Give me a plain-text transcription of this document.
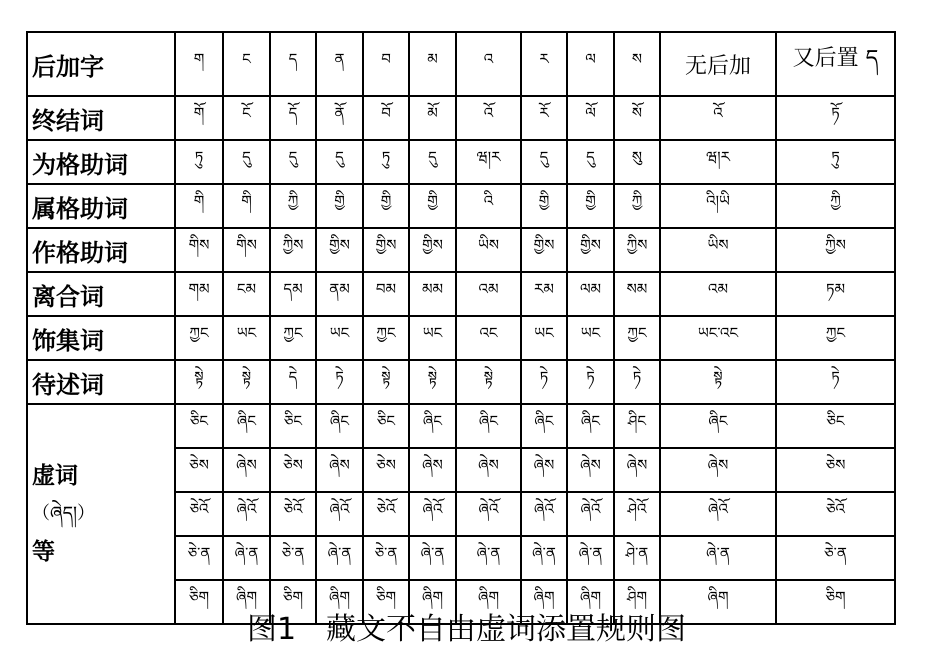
后加字	ག	ང	ད	ན	བ	མ	འ	ར	ལ	ས	无后加	又后置 ད
终结词	གོ	ངོ	དོ	ནོ	བོ	མོ	འོ	རོ	ལོ	སོ	འོ	ཏོ
为格助词	ཏུ	དུ	དུ	དུ	ཏུ	དུ	ཝ།ར	དུ	དུ	སུ	ཝ།ར	ཏུ
属格助词	གི	གི	ཀྱི	གྱི	གྱི	གྱི	འི	གྱི	གྱི	ཀྱི	འི།ཡི	ཀྱི
作格助词	གིས	གིས	ཀྱིས	གྱིས	གྱིས	གྱིས	ཡིས	གྱིས	གྱིས	ཀྱིས	ཡིས	ཀྱིས
离合词	གམ	ངམ	དམ	ནམ	བམ	མམ	འམ	རམ	ལམ	སམ	འམ	ཏམ
饰集词	ཀྱང	ཡང	ཀྱང	ཡང	ཀྱང	ཡང	འང	ཡང	ཡང	ཀྱང	ཡང་འང	ཀྱང
待述词	སྟེ	སྟེ	དེ	ཏེ	སྟེ	སྟེ	སྟེ	ཏེ	ཏེ	ཏེ	སྟེ	ཏེ

虚词
（ཞེད།）
等	ཅིང	ཞིང	ཅིང	ཞིང	ཅིང	ཞིང	ཞིང	ཞིང	ཞིང	ཤིང	ཞིང	ཅིང
	ཅེས	ཞེས	ཅེས	ཞེས	ཅེས	ཞེས	ཞེས	ཞེས	ཞེས	ཞེས	ཞེས	ཅེས
	ཅེའོ	ཞེའོ	ཅེའོ	ཞེའོ	ཅེའོ	ཞེའོ	ཞེའོ	ཞེའོ	ཞེའོ	ཤེའོ	ཞེའོ	ཅེའོ
	ཅེ་ན	ཞེ་ན	ཅེ་ན	ཞེ་ན	ཅེ་ན	ཞེ་ན	ཞེ་ན	ཞེ་ན	ཞེ་ན	ཤེ་ན	ཞེ་ན	ཅེ་ན
	ཅིག	ཞིག	ཅིག	ཞིག	ཅིག	ཞིག	ཞིག	ཞིག	ཞིག	ཤིག	ཞིག	ཅིག
图1　藏文不自由虚词添置规则图
